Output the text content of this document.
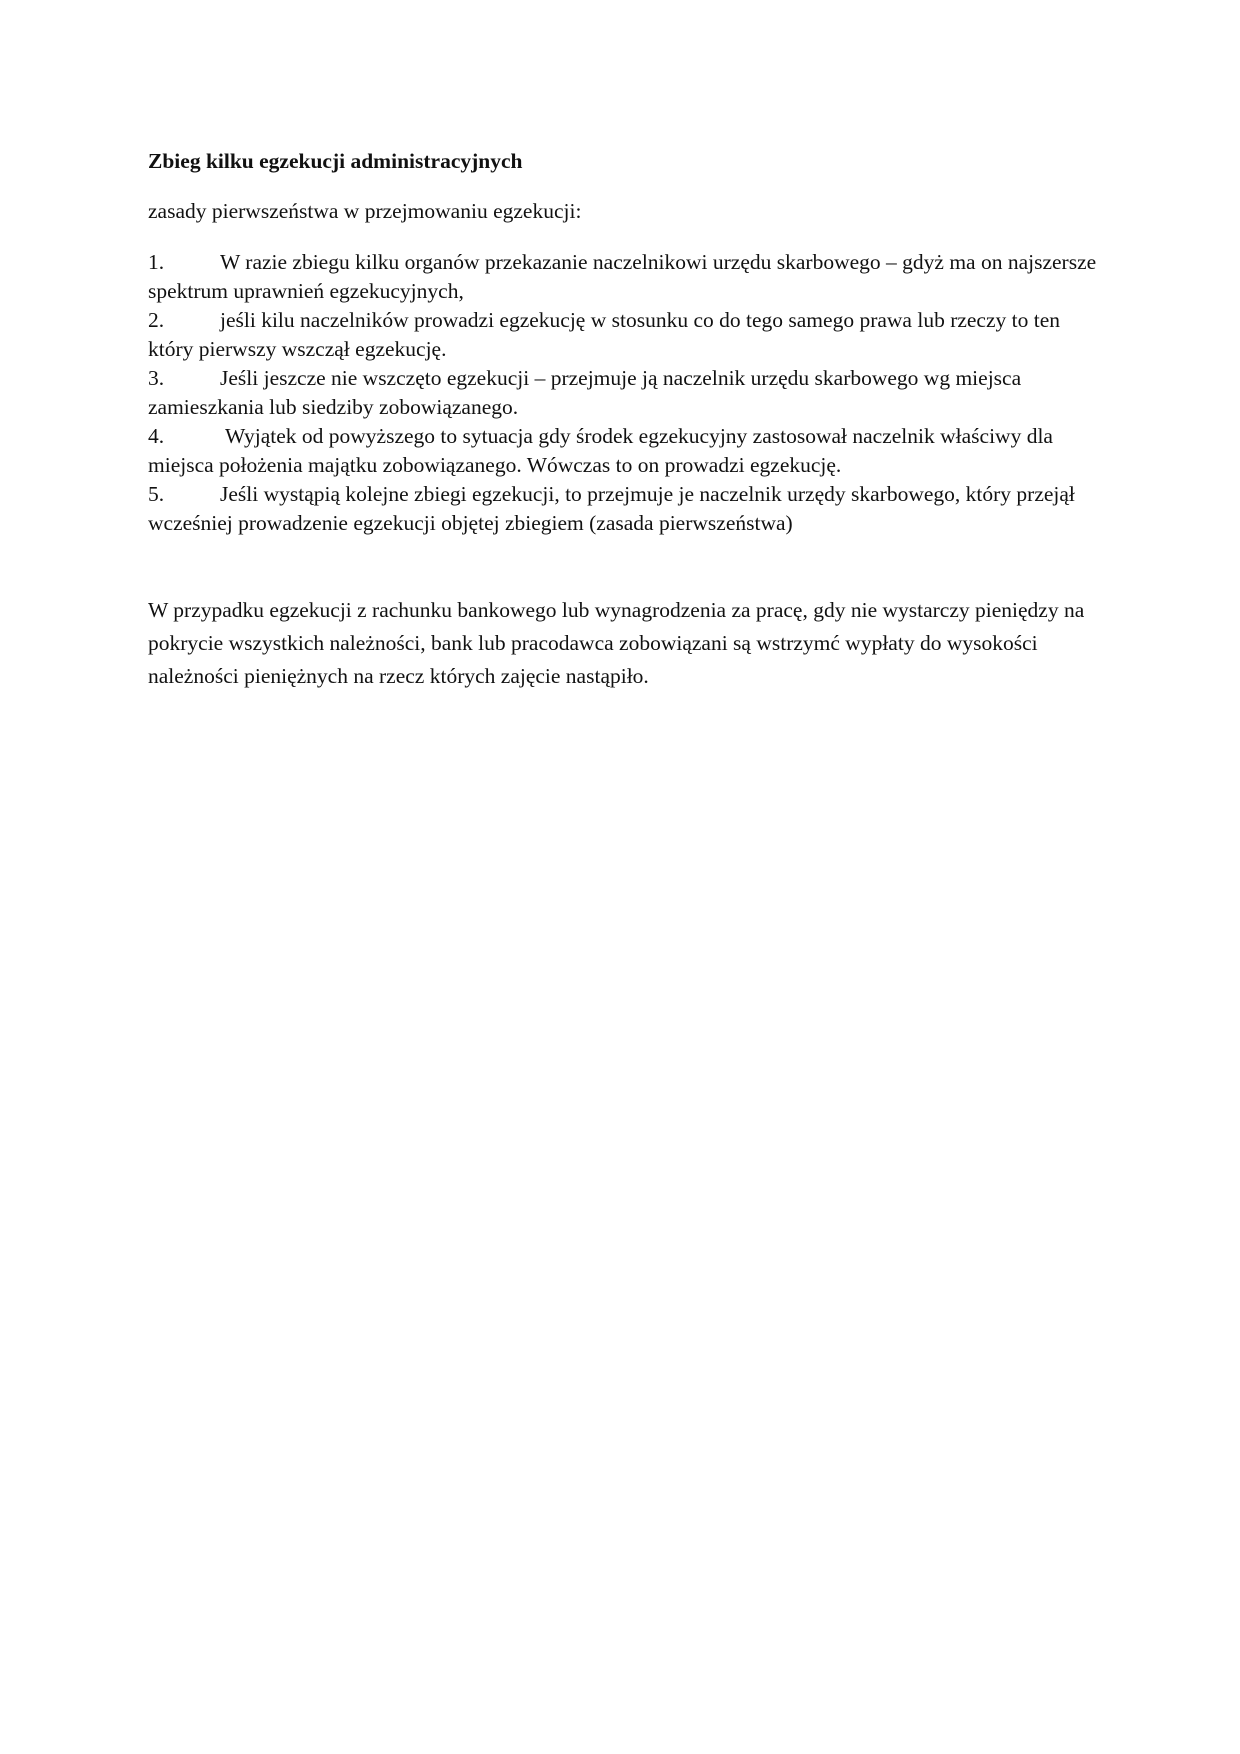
Zbieg kilku egzekucji administracyjnych

zasady pierwszeństwa w przejmowaniu egzekucji:

1.	W razie zbiegu kilku organów przekazanie naczelnikowi urzędu skarbowego – gdyż ma on najszersze spektrum uprawnień egzekucyjnych,

2.	jeśli kilu naczelników prowadzi egzekucję w stosunku co do tego samego prawa lub rzeczy to ten który pierwszy wszczął egzekucję.

3.	Jeśli jeszcze nie wszczęto egzekucji – przejmuje ją naczelnik urzędu skarbowego wg miejsca zamieszkania lub siedziby zobowiązanego.

4.	Wyjątek od powyższego to sytuacja gdy środek egzekucyjny zastosował naczelnik właściwy dla miejsca położenia majątku zobowiązanego. Wówczas to on prowadzi egzekucję.

5.	Jeśli wystąpią kolejne zbiegi egzekucji, to przejmuje je naczelnik urzędy skarbowego, który przejął wcześniej prowadzenie egzekucji objętej zbiegiem (zasada pierwszeństwa)

W przypadku egzekucji z rachunku bankowego lub wynagrodzenia za pracę, gdy nie wystarczy pieniędzy na pokrycie wszystkich należności, bank lub pracodawca zobowiązani są wstrzymć wypłaty do wysokości należności pieniężnych na rzecz których zajęcie nastąpiło.
